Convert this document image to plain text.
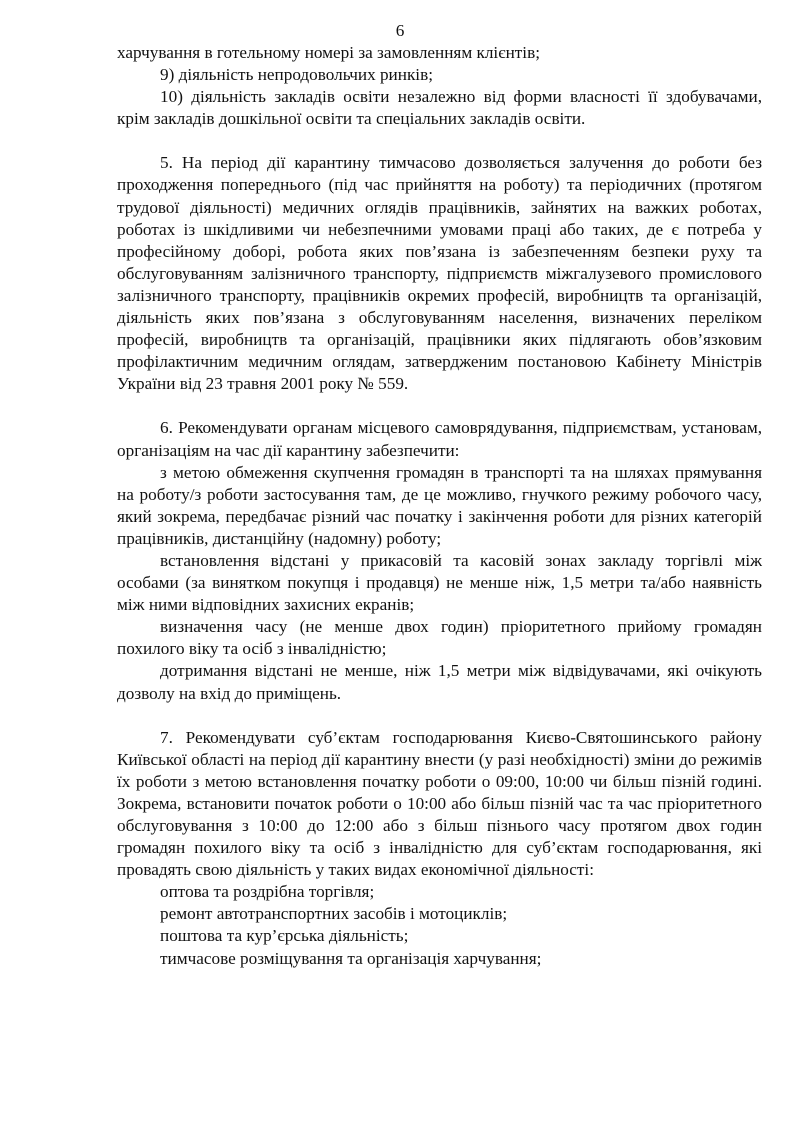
6

харчування в готельному номері за замовленням клієнтів;

9) діяльність непродовольчих ринків;

10) діяльність закладів освіти незалежно від форми власності її здобувачами, крім закладів дошкільної освіти та спеціальних закладів освіти.

5. На період дії карантину тимчасово дозволяється залучення до роботи без проходження попереднього (під час прийняття на роботу) та періодичних (протягом трудової діяльності) медичних оглядів працівників, зайнятих на важких роботах, роботах із шкідливими чи небезпечними умовами праці або таких, де є потреба у професійному доборі, робота яких пов’язана із забезпеченням безпеки руху та обслуговуванням залізничного транспорту, підприємств міжгалузевого промислового залізничного транспорту, працівників окремих професій, виробництв та організацій, діяльність яких пов’язана з обслуговуванням населення, визначених переліком професій, виробництв та організацій, працівники яких підлягають обов’язковим профілактичним медичним оглядам, затвердженим постановою Кабінету Міністрів України від 23 травня 2001 року № 559.

6. Рекомендувати органам місцевого самоврядування, підприємствам, установам, організаціям на час дії карантину забезпечити:

з метою обмеження скупчення громадян в транспорті та на шляхах прямування на роботу/з роботи застосування там, де це можливо, гнучкого режиму робочого часу, який зокрема, передбачає різний час початку і закінчення роботи для різних категорій працівників, дистанційну (надомну) роботу;

встановлення відстані у прикасовій та касовій зонах закладу торгівлі між особами (за винятком покупця і продавця) не менше ніж, 1,5 метри та/або наявність між ними відповідних захисних екранів;

визначення часу (не менше двох годин) пріоритетного прийому громадян похилого віку та осіб з інвалідністю;

дотримання відстані не менше, ніж 1,5 метри між відвідувачами, які очікують дозволу на вхід до приміщень.

7. Рекомендувати суб’єктам господарювання Києво-Святошинського району Київської області на період дії карантину внести (у разі необхідності) зміни до режимів їх роботи з метою встановлення початку роботи о 09:00, 10:00 чи більш пізній годині. Зокрема, встановити початок роботи о 10:00 або більш пізній час та час пріоритетного обслуговування з 10:00 до 12:00 або з більш пізнього часу протягом двох годин громадян похилого віку та осіб з інвалідністю для суб’єктам господарювання, які провадять свою діяльність у таких видах економічної діяльності:

оптова та роздрібна торгівля;

ремонт автотранспортних засобів і мотоциклів;

поштова та кур’єрська діяльність;

тимчасове розміщування та організація харчування;
